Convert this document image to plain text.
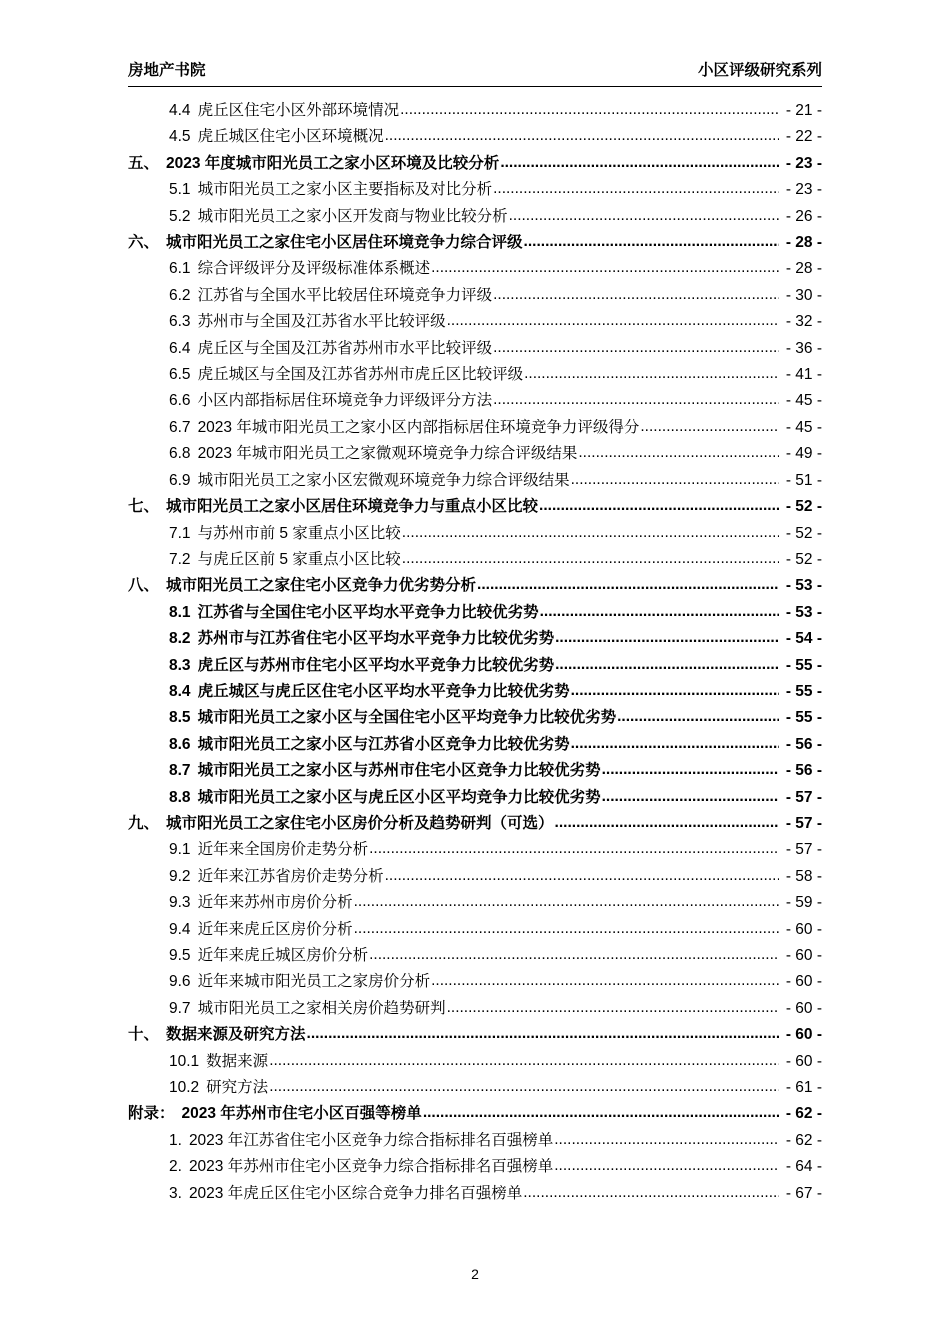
房地产书院	小区评级研究系列
4.4 虎丘区住宅小区外部环境情况 .....	- 21 -
4.5 虎丘城区住宅小区环境概况 .....	- 22 -
五、 2023 年度城市阳光员工之家小区环境及比较分析 .....	- 23 -
5.1 城市阳光员工之家小区主要指标及对比分析 .....	- 23 -
5.2 城市阳光员工之家小区开发商与物业比较分析 .....	- 26 -
六、 城市阳光员工之家住宅小区居住环境竞争力综合评级 .....	- 28 -
6.1 综合评级评分及评级标准体系概述 .....	- 28 -
6.2 江苏省与全国水平比较居住环境竞争力评级 .....	- 30 -
6.3 苏州市与全国及江苏省水平比较评级 .....	- 32 -
6.4 虎丘区与全国及江苏省苏州市水平比较评级 .....	- 36 -
6.5 虎丘城区与全国及江苏省苏州市虎丘区比较评级 .....	- 41 -
6.6 小区内部指标居住环境竞争力评级评分方法 .....	- 45 -
6.7 2023 年城市阳光员工之家小区内部指标居住环境竞争力评级得分 .....	- 45 -
6.8 2023 年城市阳光员工之家微观环境竞争力综合评级结果 .....	- 49 -
6.9 城市阳光员工之家小区宏微观环境竞争力综合评级结果 .....	- 51 -
七、 城市阳光员工之家小区居住环境竞争力与重点小区比较 .....	- 52 -
7.1 与苏州市前 5 家重点小区比较 .....	- 52 -
7.2 与虎丘区前 5 家重点小区比较 .....	- 52 -
八、 城市阳光员工之家住宅小区竞争力优劣势分析 .....	- 53 -
8.1 江苏省与全国住宅小区平均水平竞争力比较优劣势 .....	- 53 -
8.2 苏州市与江苏省住宅小区平均水平竞争力比较优劣势 .....	- 54 -
8.3 虎丘区与苏州市住宅小区平均水平竞争力比较优劣势 .....	- 55 -
8.4 虎丘城区与虎丘区住宅小区平均水平竞争力比较优劣势 .....	- 55 -
8.5 城市阳光员工之家小区与全国住宅小区平均竞争力比较优劣势 .....	- 55 -
8.6 城市阳光员工之家小区与江苏省小区竞争力比较优劣势 .....	- 56 -
8.7 城市阳光员工之家小区与苏州市住宅小区竞争力比较优劣势 .....	- 56 -
8.8 城市阳光员工之家小区与虎丘区小区平均竞争力比较优劣势 .....	- 57 -
九、 城市阳光员工之家住宅小区房价分析及趋势研判（可选） .....	- 57 -
9.1 近年来全国房价走势分析 .....	- 57 -
9.2 近年来江苏省房价走势分析 .....	- 58 -
9.3 近年来苏州市房价分析 .....	- 59 -
9.4 近年来虎丘区房价分析 .....	- 60 -
9.5 近年来虎丘城区房价分析 .....	- 60 -
9.6 近年来城市阳光员工之家房价分析 .....	- 60 -
9.7 城市阳光员工之家相关房价趋势研判 .....	- 60 -
十、 数据来源及研究方法 .....	- 60 -
10.1 数据来源 .....	- 60 -
10.2 研究方法 .....	- 61 -
附录： 2023 年苏州市住宅小区百强等榜单 .....	- 62 -
1. 2023 年江苏省住宅小区竞争力综合指标排名百强榜单 .....	- 62 -
2. 2023 年苏州市住宅小区竞争力综合指标排名百强榜单 .....	- 64 -
3. 2023 年虎丘区住宅小区综合竞争力排名百强榜单 .....	- 67 -
2
